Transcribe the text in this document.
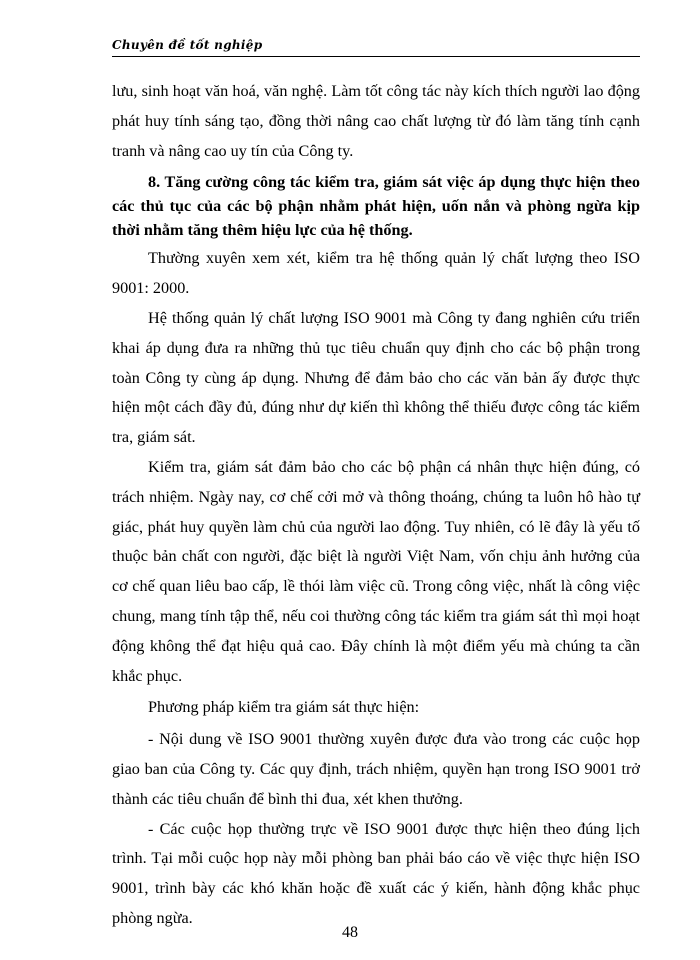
Chuyên đề tốt nghiệp

lưu, sinh hoạt văn hoá, văn nghệ. Làm tốt công tác này kích thích người lao động phát huy tính sáng tạo, đồng thời nâng cao chất lượng từ đó làm tăng tính cạnh tranh và nâng cao uy tín của Công ty.

8. Tăng cường công tác kiểm tra, giám sát việc áp dụng thực hiện theo các thủ tục của các bộ phận nhằm phát hiện, uốn nắn và phòng ngừa kịp thời nhằm tăng thêm hiệu lực của hệ thống.

Thường xuyên xem xét, kiểm tra hệ thống quản lý chất lượng theo ISO 9001: 2000.

Hệ thống quản lý chất lượng ISO 9001 mà Công ty đang nghiên cứu triển khai áp dụng đưa ra những thủ tục tiêu chuẩn quy định cho các bộ phận trong toàn Công ty cùng áp dụng. Nhưng để đảm bảo cho các văn bản ấy được thực hiện một cách đầy đủ, đúng như dự kiến thì không thể thiếu được công tác kiểm tra, giám sát.

Kiểm tra, giám sát đảm bảo cho các bộ phận cá nhân thực hiện đúng, có trách nhiệm. Ngày nay, cơ chế cởi mở và thông thoáng, chúng ta luôn hô hào tự giác, phát huy quyền làm chủ của người lao động. Tuy nhiên, có lẽ đây là yếu tố thuộc bản chất con người, đặc biệt là người Việt Nam, vốn chịu ảnh hưởng của cơ chế quan liêu bao cấp, lề thói làm việc cũ. Trong công việc, nhất là công việc chung, mang tính tập thể, nếu coi thường công tác kiểm tra giám sát thì mọi hoạt động không thể đạt hiệu quả cao. Đây chính là một điểm yếu mà chúng ta cần khắc phục.

Phương pháp kiểm tra giám sát thực hiện:

- Nội dung về ISO 9001 thường xuyên được đưa vào trong các cuộc họp giao ban của Công ty. Các quy định, trách nhiệm, quyền hạn trong ISO 9001 trở thành các tiêu chuẩn để bình thi đua, xét khen thưởng.

- Các cuộc họp thường trực về ISO 9001 được thực hiện theo đúng lịch trình. Tại mỗi cuộc họp này mỗi phòng ban phải báo cáo về việc thực hiện ISO 9001, trình bày các khó khăn hoặc đề xuất các ý kiến, hành động khắc phục phòng ngừa.

48
